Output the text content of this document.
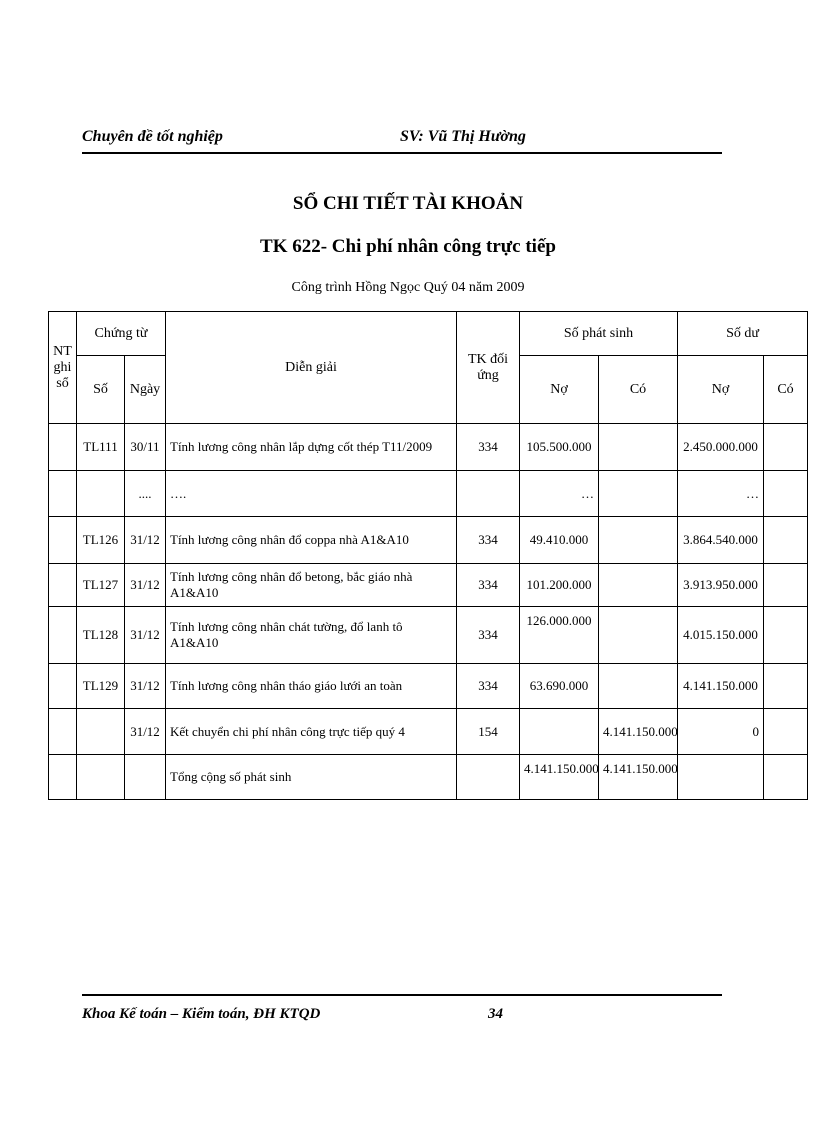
Chuyên đề tốt nghiệp	SV: Vũ Thị Hường
SỔ CHI TIẾT TÀI KHOẢN
TK 622- Chi phí nhân công trực tiếp
Công trình Hồng Ngọc Quý 04 năm 2009
NT ghi sổ	Chứng từ		Diễn giải	TK đối ứng	Số phát sinh		Số dư	
	Số	Ngày			Nợ	Có	Nợ	Có
	TL111	30/11	Tính lương công nhân lắp dựng cốt thép T11/2009	334	105.500.000		2.450.000.000	
		....	….		…		…	
	TL126	31/12	Tính lương công nhân đổ coppa nhà A1&A10	334	49.410.000		3.864.540.000	
	TL127	31/12	Tính lương công nhân đổ betong, bắc giáo nhà A1&A10	334	101.200.000		3.913.950.000	
	TL128	31/12	Tính lương công nhân chát tường, đổ lanh tô A1&A10	334	126.000.000		4.015.150.000	
	TL129	31/12	Tính lương công nhân tháo giáo lưới an toàn	334	63.690.000		4.141.150.000	
		31/12	Kết chuyển chi phí nhân công trực tiếp quý 4	154		4.141.150.000	0	
			Tổng cộng số phát sinh		4.141.150.000	4.141.150.000		
Khoa Kế toán – Kiểm toán, ĐH KTQD	34
